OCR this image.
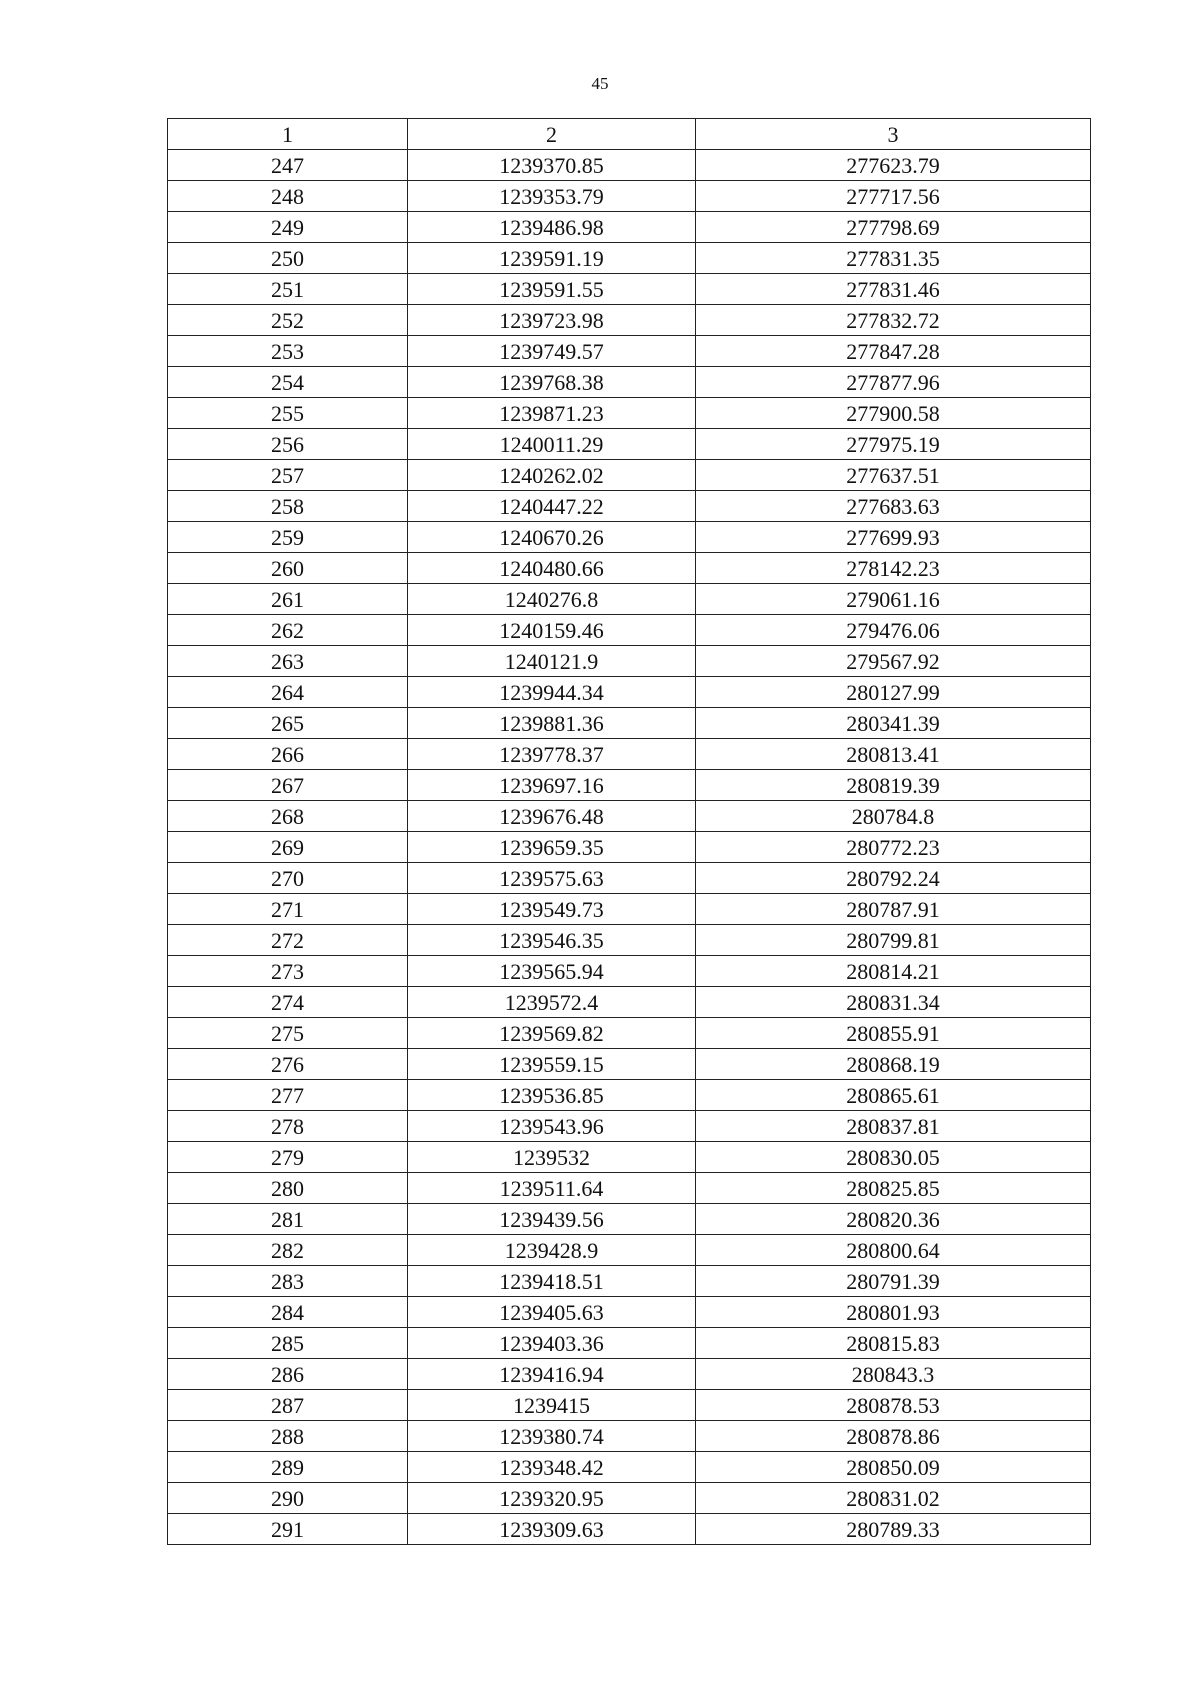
45
1	2	3
247	1239370.85	277623.79
248	1239353.79	277717.56
249	1239486.98	277798.69
250	1239591.19	277831.35
251	1239591.55	277831.46
252	1239723.98	277832.72
253	1239749.57	277847.28
254	1239768.38	277877.96
255	1239871.23	277900.58
256	1240011.29	277975.19
257	1240262.02	277637.51
258	1240447.22	277683.63
259	1240670.26	277699.93
260	1240480.66	278142.23
261	1240276.8	279061.16
262	1240159.46	279476.06
263	1240121.9	279567.92
264	1239944.34	280127.99
265	1239881.36	280341.39
266	1239778.37	280813.41
267	1239697.16	280819.39
268	1239676.48	280784.8
269	1239659.35	280772.23
270	1239575.63	280792.24
271	1239549.73	280787.91
272	1239546.35	280799.81
273	1239565.94	280814.21
274	1239572.4	280831.34
275	1239569.82	280855.91
276	1239559.15	280868.19
277	1239536.85	280865.61
278	1239543.96	280837.81
279	1239532	280830.05
280	1239511.64	280825.85
281	1239439.56	280820.36
282	1239428.9	280800.64
283	1239418.51	280791.39
284	1239405.63	280801.93
285	1239403.36	280815.83
286	1239416.94	280843.3
287	1239415	280878.53
288	1239380.74	280878.86
289	1239348.42	280850.09
290	1239320.95	280831.02
291	1239309.63	280789.33
